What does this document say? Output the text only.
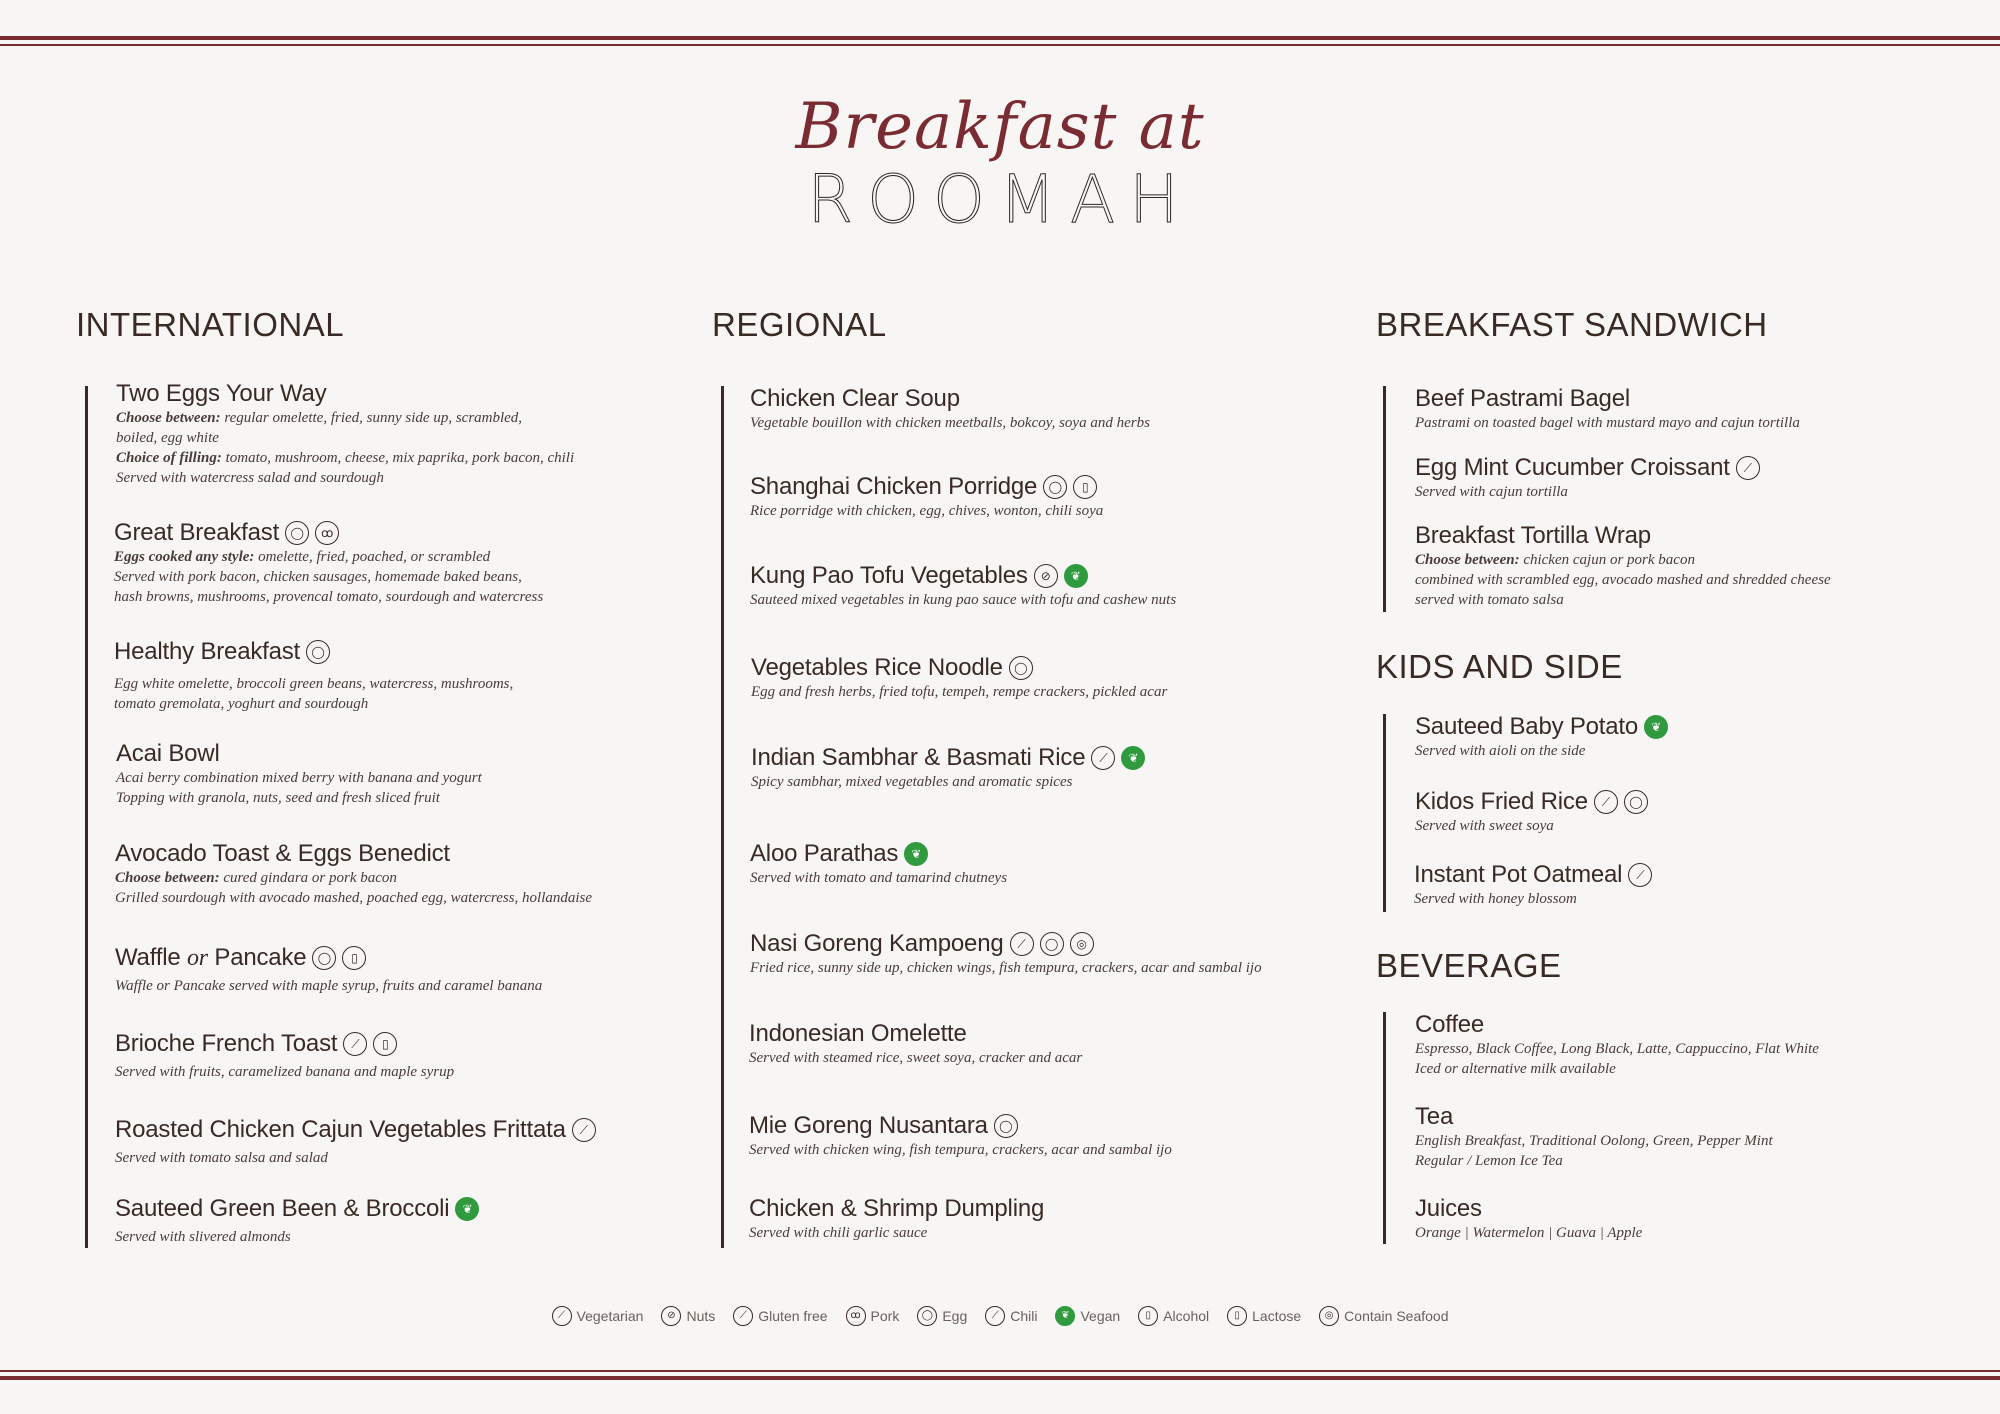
Breakfast at
ROOMAH
INTERNATIONAL
Two Eggs Your Way
Choose between: regular omelette, fried, sunny side up, scrambled,
boiled, egg white
Choice of filling: tomato, mushroom, cheese, mix paprika, pork bacon, chili
Served with watercress salad and sourdough
Great Breakfast ◯	ꝏ
Eggs cooked any style: omelette, fried, poached, or scrambled
Served with pork bacon, chicken sausages, homemade baked beans,
hash browns, mushrooms, provencal tomato, sourdough and watercress
Healthy Breakfast ◯
Egg white omelette, broccoli green beans, watercress, mushrooms,
tomato gremolata, yoghurt and sourdough
Acai Bowl
Acai berry combination mixed berry with banana and yogurt
Topping with granola, nuts, seed and fresh sliced fruit
Avocado Toast & Eggs Benedict
Choose between: cured gindara or pork bacon
Grilled sourdough with avocado mashed, poached egg, watercress, hollandaise
Waffle or Pancake ◯	▯
Waffle or Pancake served with maple syrup, fruits and caramel banana
Brioche French Toast	⟋	▯
Served with fruits, caramelized banana and maple syrup
Roasted Chicken Cajun Vegetables Frittata	⟋
Served with tomato salsa and salad
Sauteed Green Been & Broccoli	❦
Served with slivered almonds
REGIONAL
Chicken Clear Soup
Vegetable bouillon with chicken meetballs, bokcoy, soya and herbs
Shanghai Chicken Porridge ◯	▯
Rice porridge with chicken, egg, chives, wonton, chili soya
Kung Pao Tofu Vegetables	⊘	❦
Sauteed mixed vegetables in kung pao sauce with tofu and cashew nuts
Vegetables Rice Noodle ◯
Egg and fresh herbs, fried tofu, tempeh, rempe crackers, pickled acar
Indian Sambhar & Basmati Rice	⟋	❦
Spicy sambhar, mixed vegetables and aromatic spices
Aloo Parathas	❦
Served with tomato and tamarind chutneys
Nasi Goreng Kampoeng	⟋	◯	◎
Fried rice, sunny side up, chicken wings, fish tempura, crackers, acar and sambal ijo
Indonesian Omelette
Served with steamed rice, sweet soya, cracker and acar
Mie Goreng Nusantara ◯
Served with chicken wing, fish tempura, crackers, acar and sambal ijo
Chicken & Shrimp Dumpling
Served with chili garlic sauce
BREAKFAST SANDWICH
Beef Pastrami Bagel
Pastrami on toasted bagel with mustard mayo and cajun tortilla
Egg Mint Cucumber Croissant	⟋
Served with cajun tortilla
Breakfast Tortilla Wrap
Choose between: chicken cajun or pork bacon
combined with scrambled egg, avocado mashed and shredded cheese
served with tomato salsa
KIDS AND SIDE
Sauteed Baby Potato	❦
Served with aioli on the side
Kidos Fried Rice	⟋	◯
Served with sweet soya
Instant Pot Oatmeal	⟋
Served with honey blossom
BEVERAGE
Coffee
Espresso, Black Coffee, Long Black, Latte, Cappuccino, Flat White
Iced or alternative milk available
Tea
English Breakfast, Traditional Oolong, Green, Pepper Mint
Regular / Lemon Ice Tea
Juices
Orange | Watermelon | Guava | Apple
⟋ Vegetarian	⊘ Nuts	⟋ Gluten free	ꝏ Pork	◯ Egg	⟋ Chili	❦ Vegan	▯ Alcohol	▯ Lactose	◎ Contain Seafood
